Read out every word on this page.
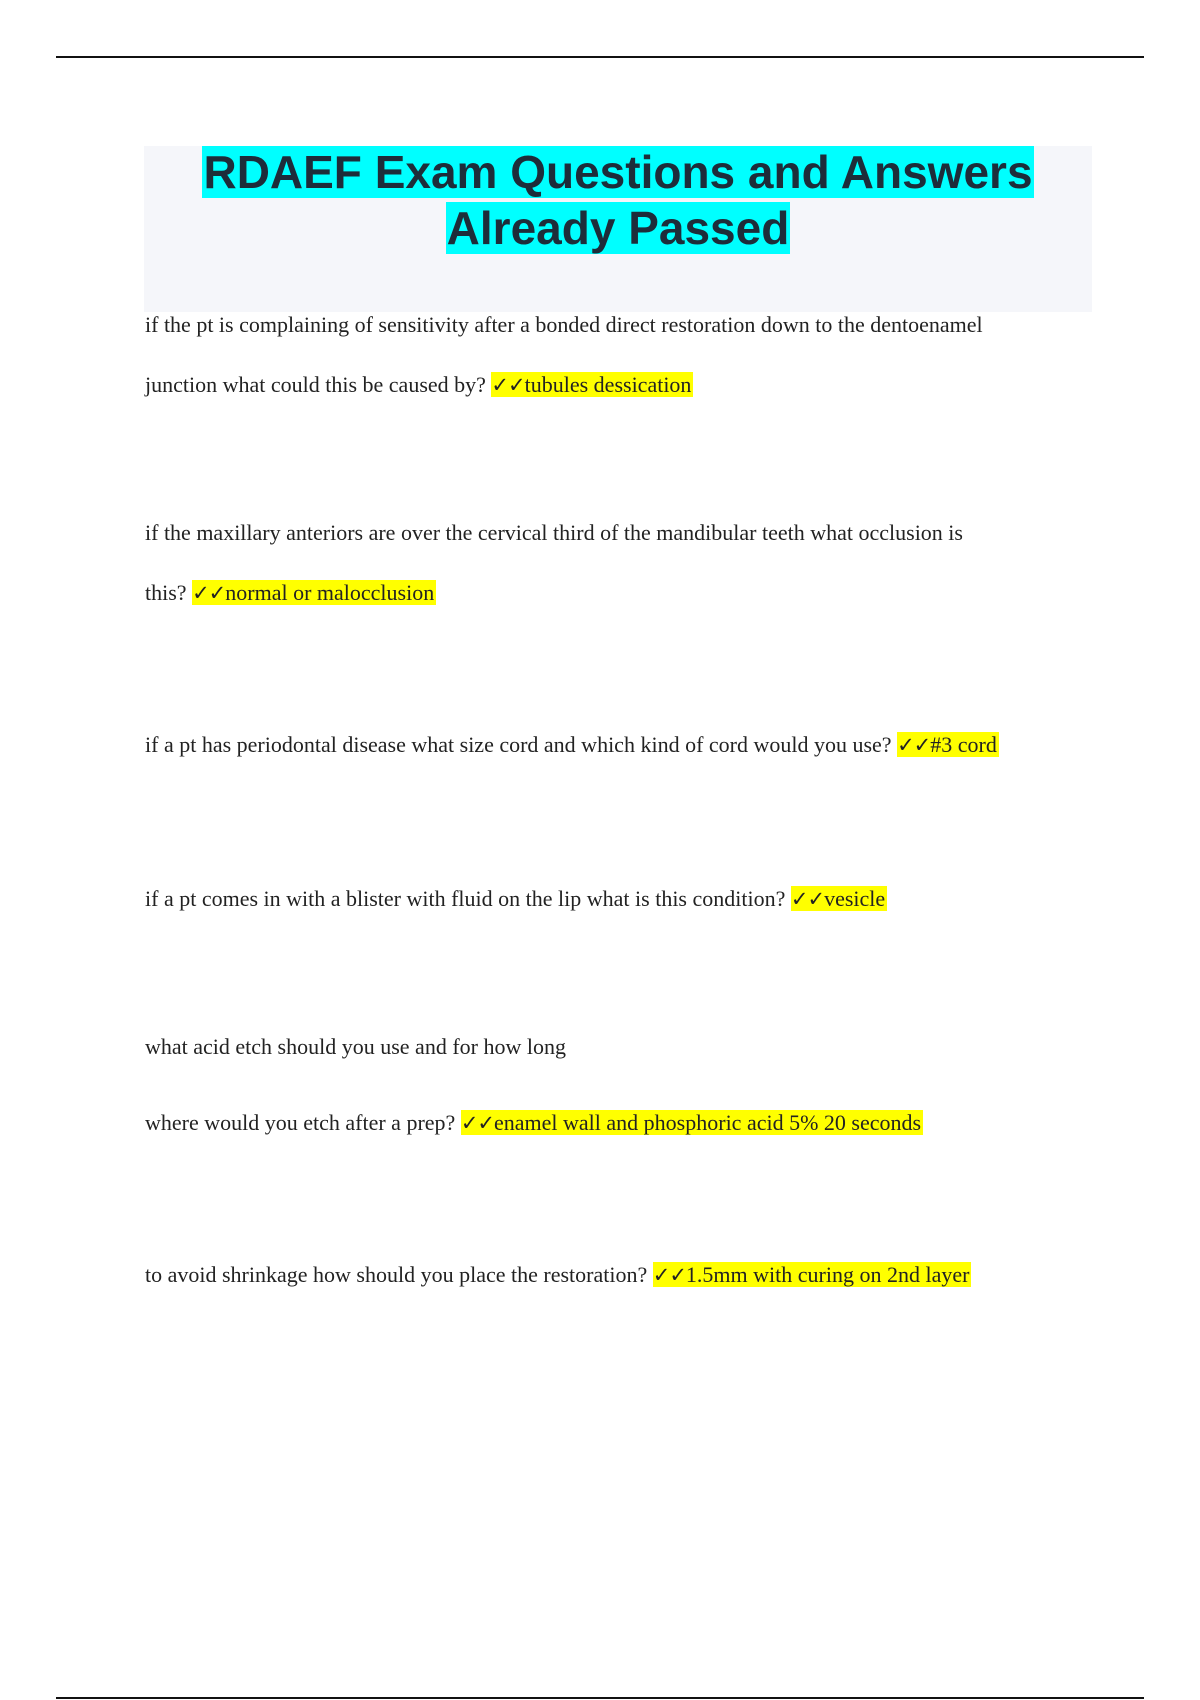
RDAEF Exam Questions and Answers
Already Passed
if the pt is complaining of sensitivity after a bonded direct restoration down to the dentoenamel
junction what could this be caused by? ✓✓tubules dessication
if the maxillary anteriors are over the cervical third of the mandibular teeth what occlusion is
this? ✓✓normal or malocclusion
if a pt has periodontal disease what size cord and which kind of cord would you use? ✓✓#3 cord
if a pt comes in with a blister with fluid on the lip what is this condition? ✓✓vesicle
what acid etch should you use and for how long
where would you etch after a prep? ✓✓enamel wall and phosphoric acid 5% 20 seconds
to avoid shrinkage how should you place the restoration? ✓✓1.5mm with curing on 2nd layer
